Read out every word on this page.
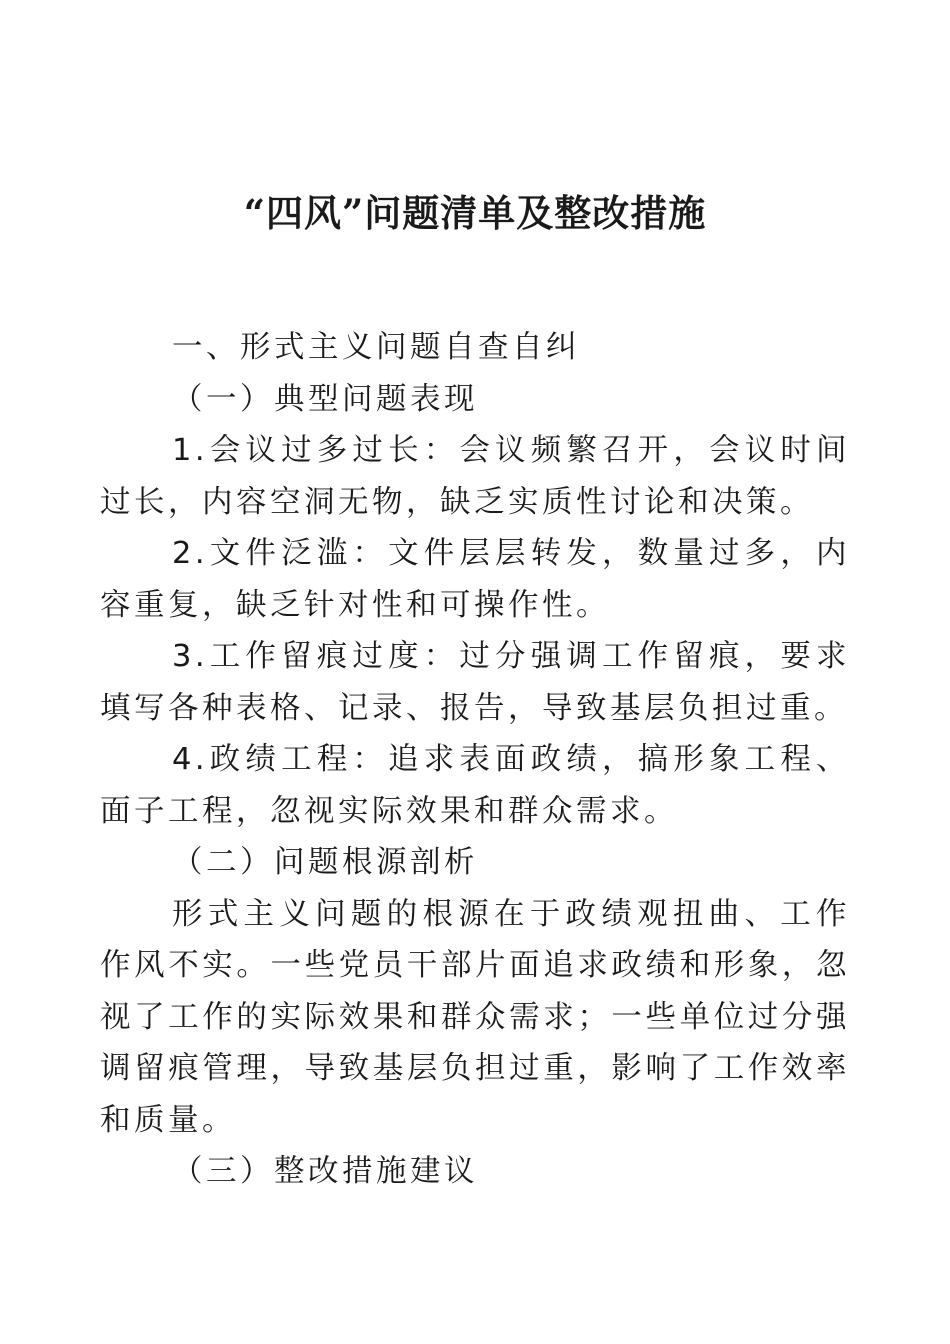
“四风”问题清单及整改措施

一、形式主义问题自查自纠

（一）典型问题表现

1.会议过多过长：会议频繁召开，会议时间过长，内容空洞无物，缺乏实质性讨论和决策。

2.文件泛滥：文件层层转发，数量过多，内容重复，缺乏针对性和可操作性。

3.工作留痕过度：过分强调工作留痕，要求填写各种表格、记录、报告，导致基层负担过重。

4.政绩工程：追求表面政绩，搞形象工程、面子工程，忽视实际效果和群众需求。

（二）问题根源剖析

形式主义问题的根源在于政绩观扭曲、工作作风不实。一些党员干部片面追求政绩和形象，忽视了工作的实际效果和群众需求；一些单位过分强调留痕管理，导致基层负担过重，影响了工作效率和质量。

（三）整改措施建议
